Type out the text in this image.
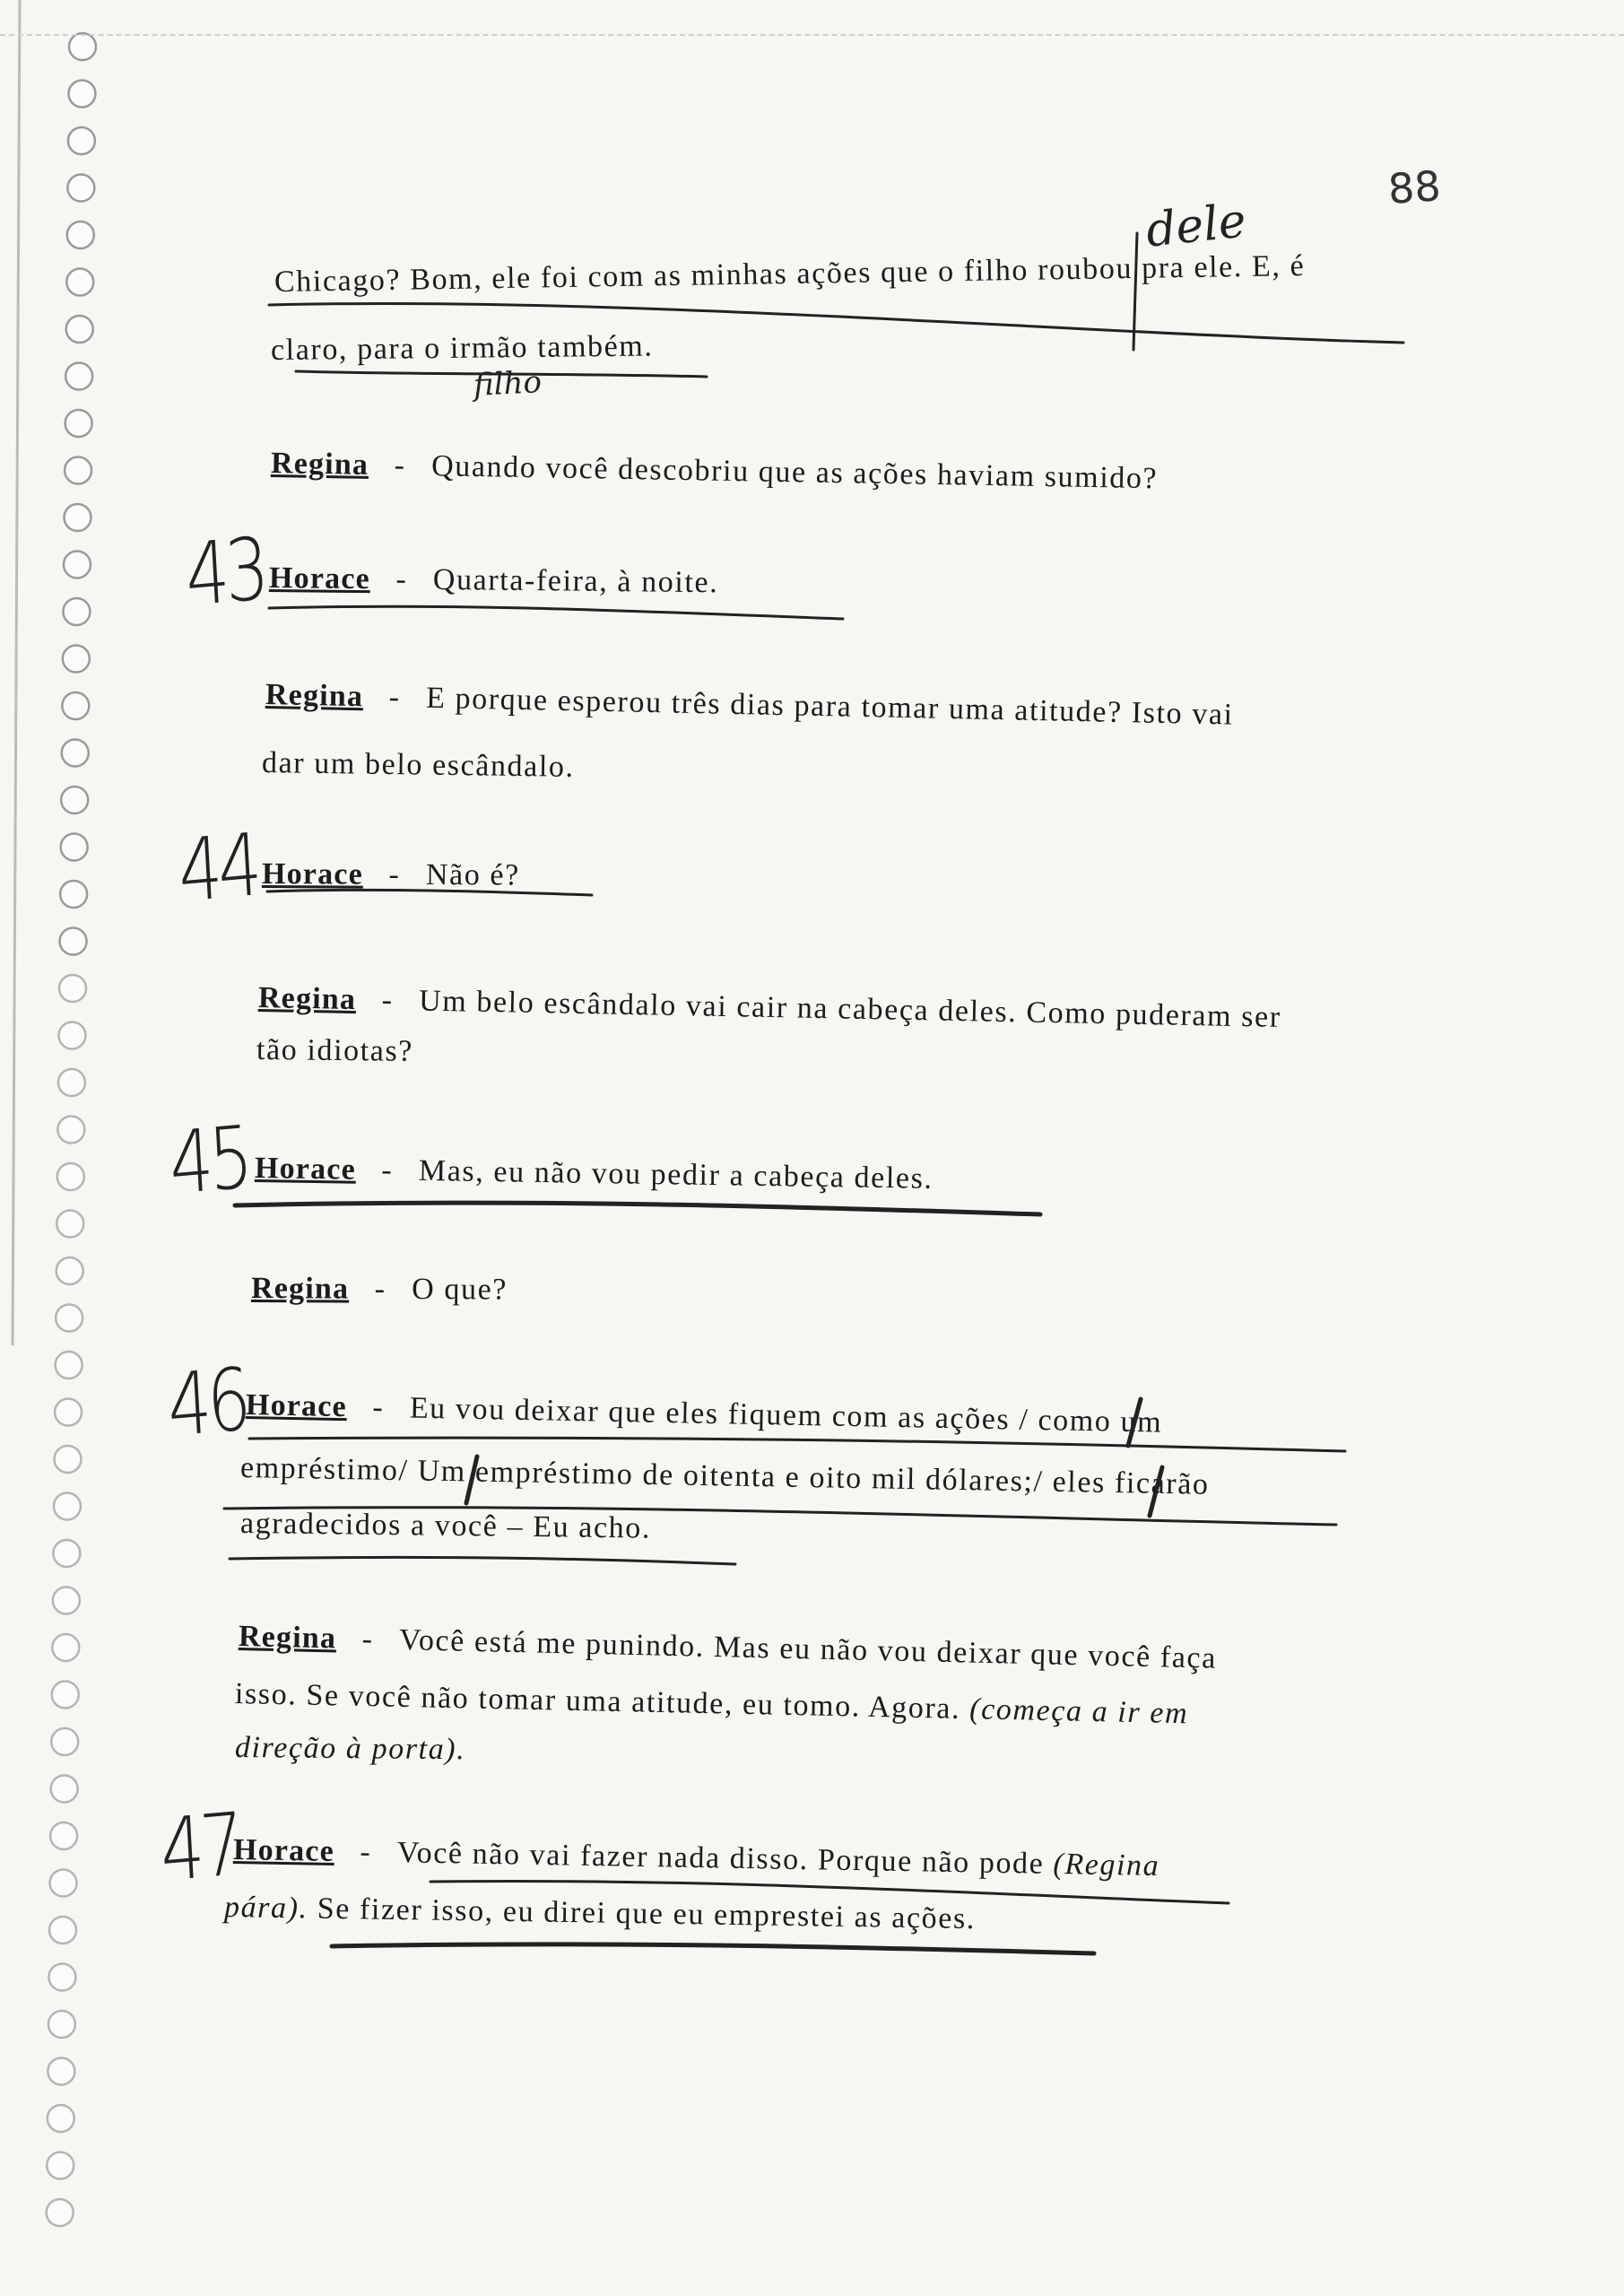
88
Chicago? Bom, ele foi com as minhas ações que o filho roubou pra ele. E, é
claro, para o irmão também.
dele
filho
Regina - Quando você descobriu que as ações haviam sumido?
43 Horace - Quarta-feira, à noite.
Regina - E porque esperou três dias para tomar uma atitude? Isto vai
dar um belo escândalo.
44 Horace - Não é?
Regina - Um belo escândalo vai cair na cabeça deles. Como puderam ser
tão idiotas?
45 Horace - Mas, eu não vou pedir a cabeça deles.
Regina - O que?
46
Horace - Eu vou deixar que eles fiquem com as ações / como um
empréstimo/ Um empréstimo de oitenta e oito mil dólares;/ eles ficarão
agradecidos a você – Eu acho.
Regina - Você está me punindo. Mas eu não vou deixar que você faça
isso. Se você não tomar uma atitude, eu tomo. Agora. (começa a ir em
direção à porta).
47
Horace - Você não vai fazer nada disso. Porque não pode (Regina
pára). Se fizer isso, eu direi que eu emprestei as ações.
